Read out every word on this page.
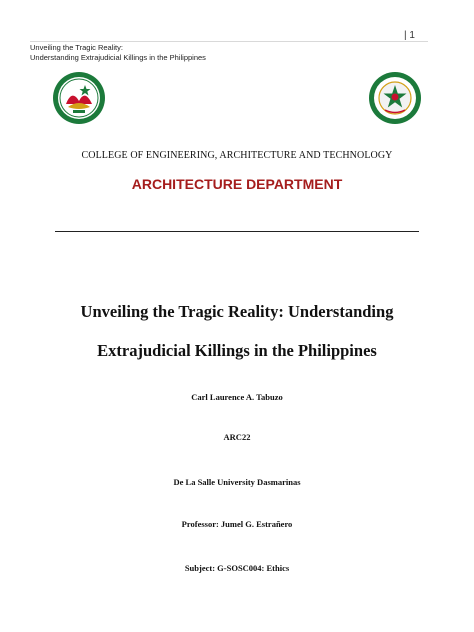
| 1
Unveiling the Tragic Reality:
Understanding Extrajudicial Killings in the Philippines
COLLEGE OF ENGINEERING, ARCHITECTURE AND TECHNOLOGY
ARCHITECTURE DEPARTMENT
Unveiling the Tragic Reality: Understanding
Extrajudicial Killings in the Philippines
Carl Laurence A. Tabuzo
ARC22
De La Salle University Dasmarinas
Professor: Jumel G. Estrañero
Subject: G-SOSC004: Ethics
